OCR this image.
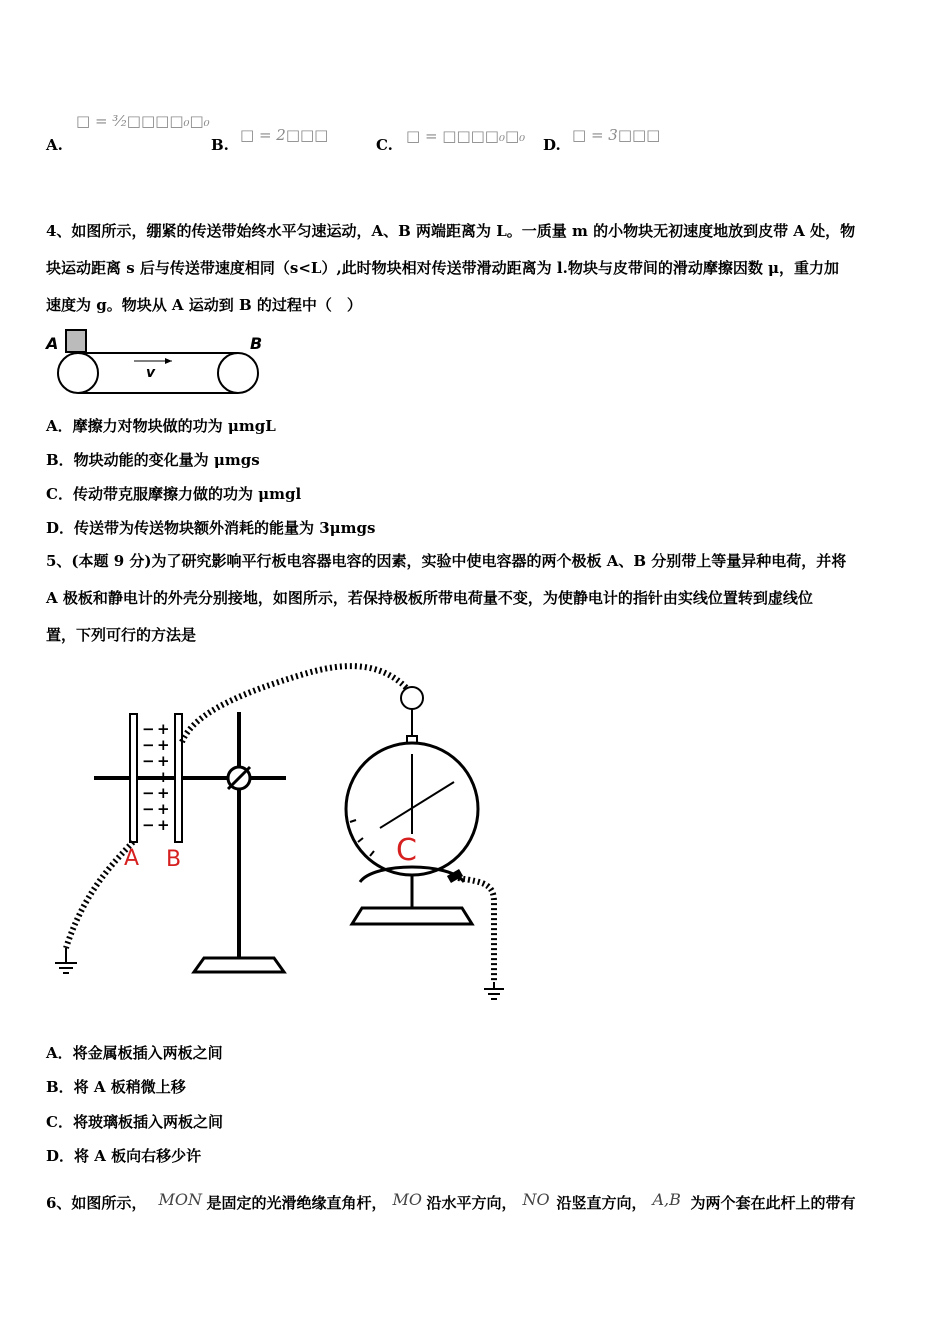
A.
□ = ³⁄₂□□□□₀□₀
B.
□ = 2□□□
C. □ = □□□□₀□₀ D.
□ = 3□□□
4、如图所示，绷紧的传送带始终水平匀速运动，A、B 两端距离为 L。一质量 m 的小物块无初速度地放到皮带 A 处，物
块运动距离 s 后与传送带速度相同（s<L）,此时物块相对传送带滑动距离为 l.物块与皮带间的滑动摩擦因数 μ，重力加
速度为 g。物块从 A 运动到 B 的过程中（　）
A	B
v
A．摩擦力对物块做的功为 μmgL
B．物块动能的变化量为 μmgs
C．传动带克服摩擦力做的功为 μmgl
D．传送带为传送物块额外消耗的能量为 3μmgs
5、(本题 9 分)为了研究影响平行板电容器电容的因素，实验中使电容器的两个极板 A、B 分别带上等量异种电荷，并将
A 极板和静电计的外壳分别接地，如图所示，若保持极板所带电荷量不变，为使静电计的指针由实线位置转到虚线位
置，下列可行的方法是
− +
− +
− +
− +
− +
− +
− +
A B	C
A．将金属板插入两板之间
B．将 A 板稍微上移
C．将玻璃板插入两板之间
D．将 A 板向右移少许
6、如图所示， MON 是固定的光滑绝缘直角杆， MO 沿水平方向， NO 沿竖直方向， A,B 为两个套在此杆上的带有
